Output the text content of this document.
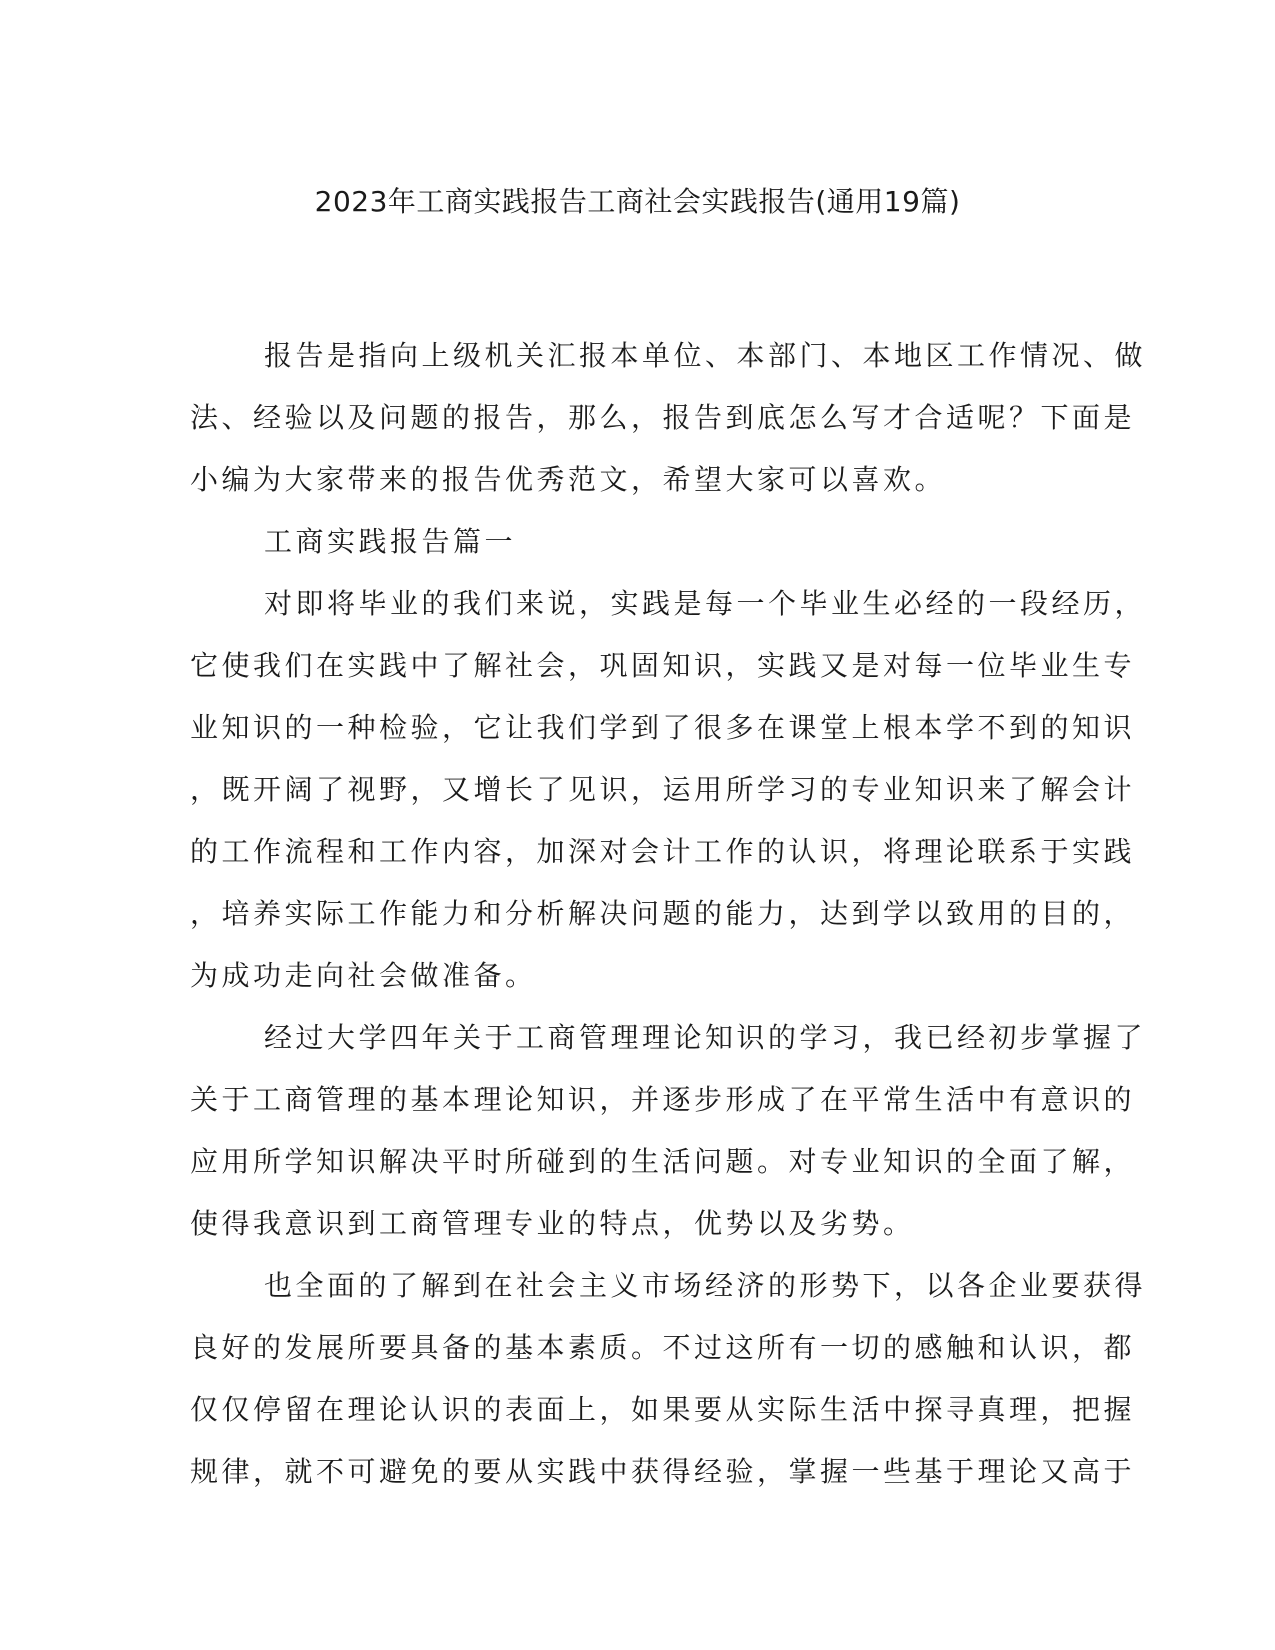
2023年工商实践报告工商社会实践报告(通用19篇)
报告是指向上级机关汇报本单位、本部门、本地区工作情况、做
法、经验以及问题的报告，那么，报告到底怎么写才合适呢？下面是
小编为大家带来的报告优秀范文，希望大家可以喜欢。
工商实践报告篇一
对即将毕业的我们来说，实践是每一个毕业生必经的一段经历，
它使我们在实践中了解社会，巩固知识，实践又是对每一位毕业生专
业知识的一种检验，它让我们学到了很多在课堂上根本学不到的知识
，既开阔了视野，又增长了见识，运用所学习的专业知识来了解会计
的工作流程和工作内容，加深对会计工作的认识，将理论联系于实践
，培养实际工作能力和分析解决问题的能力，达到学以致用的目的，
为成功走向社会做准备。
经过大学四年关于工商管理理论知识的学习，我已经初步掌握了
关于工商管理的基本理论知识，并逐步形成了在平常生活中有意识的
应用所学知识解决平时所碰到的生活问题。对专业知识的全面了解，
使得我意识到工商管理专业的特点，优势以及劣势。
也全面的了解到在社会主义市场经济的形势下，以各企业要获得
良好的发展所要具备的基本素质。不过这所有一切的感触和认识，都
仅仅停留在理论认识的表面上，如果要从实际生活中探寻真理，把握
规律，就不可避免的要从实践中获得经验，掌握一些基于理论又高于
